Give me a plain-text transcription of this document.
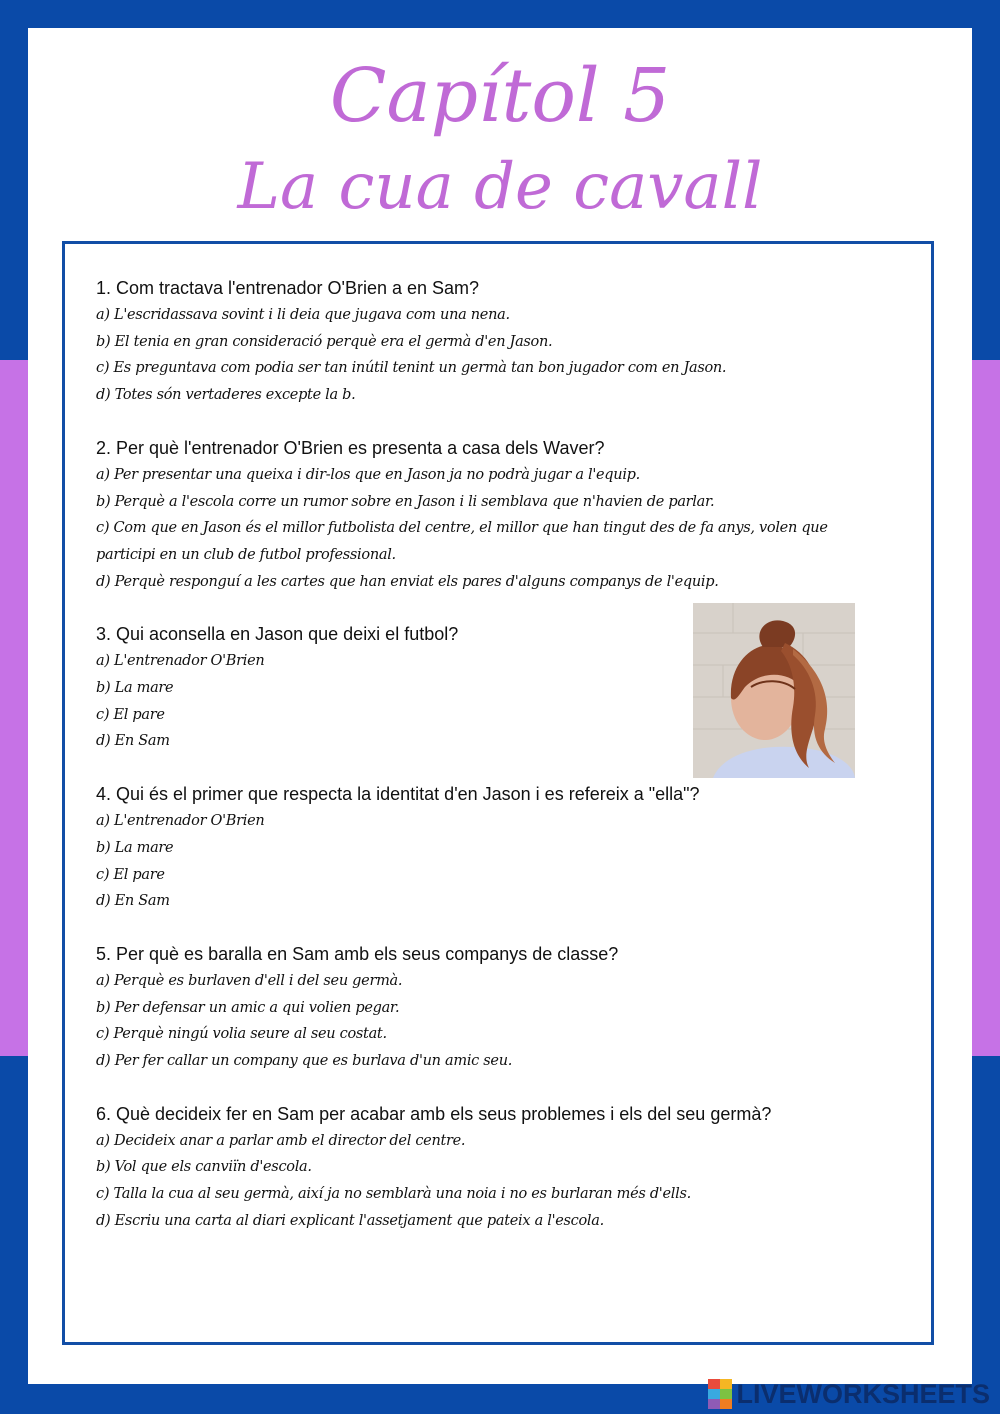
Capítol 5
La cua de cavall

1. Com tractava l'entrenador O'Brien a en Sam?

a) L'escridassava sovint i li deia que jugava com una nena.

b) El tenia en gran consideració perquè era el germà d'en Jason.

c) Es preguntava com podia ser tan inútil tenint un germà tan bon jugador com en Jason.

d) Totes són vertaderes excepte la b.

2. Per què l'entrenador O'Brien es presenta a casa dels Waver?

a) Per presentar una queixa i dir-los que en Jason ja no podrà jugar a l'equip.

b) Perquè a l'escola corre un rumor sobre en Jason i li semblava que n'havien de parlar.

c) Com que en Jason és el millor futbolista del centre, el millor que han tingut des de fa anys, volen que participi en un club de futbol professional.

d) Perquè responguí a les cartes que han enviat els pares d'alguns companys de l'equip.

3. Qui aconsella en Jason que deixi el futbol?

a) L'entrenador O'Brien

b) La mare

c) El pare

d) En Sam

4. Qui és el primer que respecta la identitat d'en Jason i es refereix a "ella"?

a) L'entrenador O'Brien

b) La mare

c) El pare

d) En Sam

5. Per què es baralla en Sam amb els seus companys de classe?

a) Perquè es burlaven d'ell i del seu germà.

b) Per defensar un amic a qui volien pegar.

c) Perquè ningú volia seure al seu costat.

d) Per fer callar un company que es burlava d'un amic seu.

6. Què decideix fer en Sam per acabar amb els seus problemes i els del seu germà?

a) Decideix anar a parlar amb el director del centre.

b) Vol que els canviïn d'escola.

c) Talla la cua al seu germà, així ja no semblarà una noia i no es burlaran més d'ells.

d) Escriu una carta al diari explicant l'assetjament que pateix a l'escola.

LIVEWORKSHEETS
